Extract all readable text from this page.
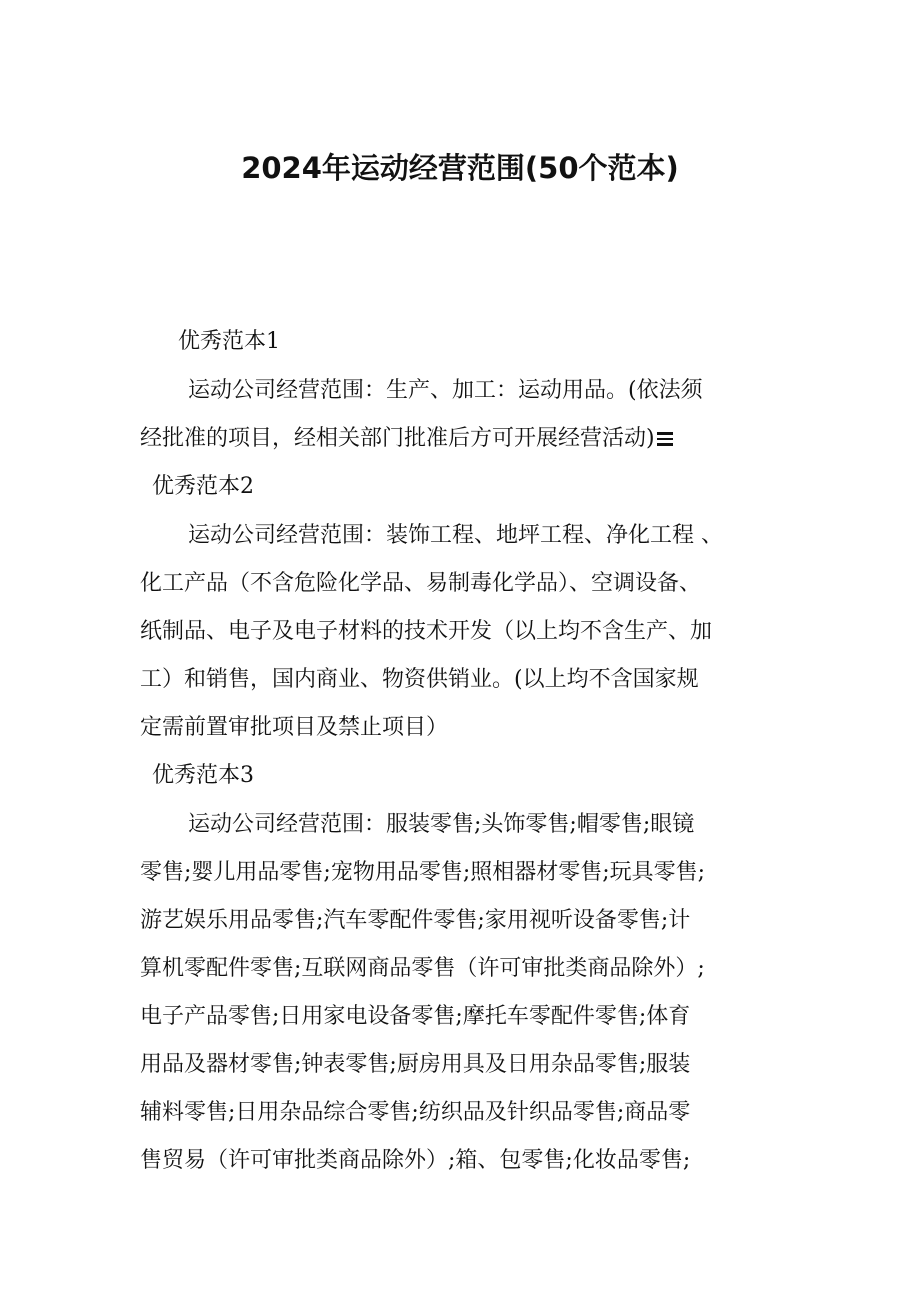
2024年运动经营范围(50个范本)

优秀范本1

运动公司经营范围：生产、加工：运动用品。(依法须

经批准的项目，经相关部门批准后方可开展经营活动)

优秀范本2

运动公司经营范围：装饰工程、地坪工程、净化工程 、

化工产品（不含危险化学品、易制毒化学品）、空调设备、

纸制品、电子及电子材料的技术开发（以上均不含生产、加

工）和销售，国内商业、物资供销业。(以上均不含国家规

定需前置审批项目及禁止项目）

优秀范本3

运动公司经营范围：服装零售;头饰零售;帽零售;眼镜

零售;婴儿用品零售;宠物用品零售;照相器材零售;玩具零售;

游艺娱乐用品零售;汽车零配件零售;家用视听设备零售;计

算机零配件零售;互联网商品零售（许可审批类商品除外）;

电子产品零售;日用家电设备零售;摩托车零配件零售;体育

用品及器材零售;钟表零售;厨房用具及日用杂品零售;服装

辅料零售;日用杂品综合零售;纺织品及针织品零售;商品零

售贸易（许可审批类商品除外）;箱、包零售;化妆品零售;
